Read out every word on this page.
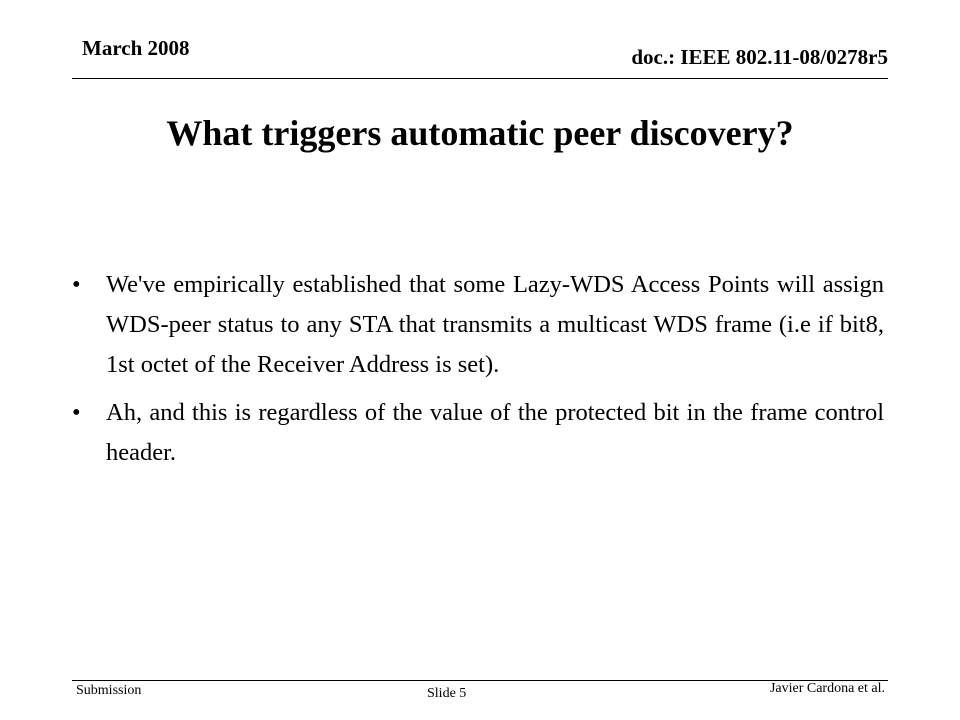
March 2008	doc.: IEEE 802.11-08/0278r5
What triggers automatic peer discovery?
•	We've empirically established that some Lazy-WDS Access Points will assign WDS-peer status to any STA that transmits a multicast WDS frame (i.e if bit8, 1st octet of the Receiver Address is set).
•	Ah, and this is regardless of the value of the protected bit in the frame control header.
Submission	Slide 5	Javier Cardona et al.
